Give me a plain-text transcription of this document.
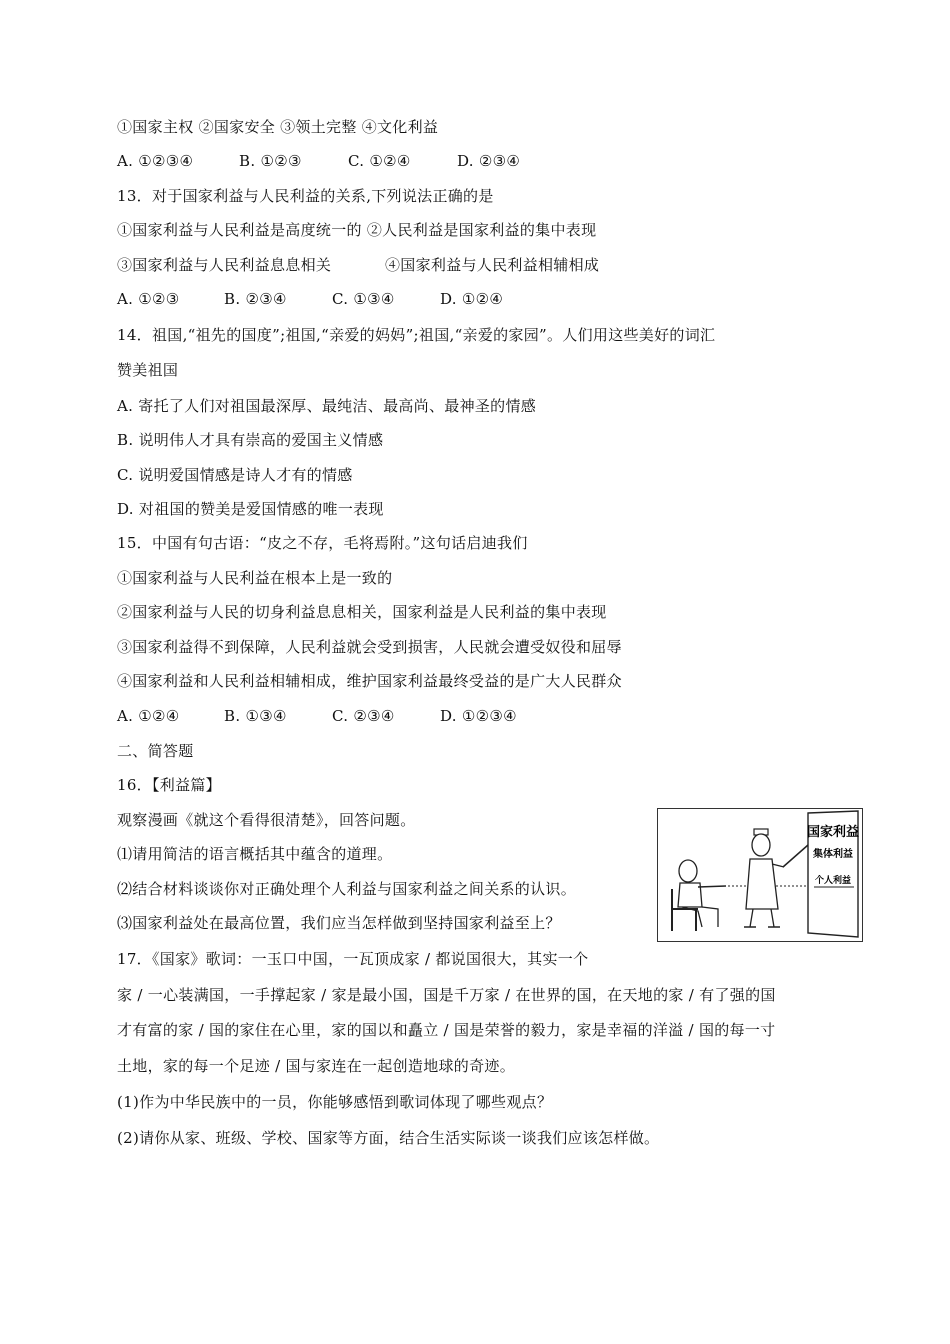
①国家主权 ②国家安全 ③领土完整 ④文化利益
A. ①②③④	B. ①②③	C. ①②④	D. ②③④
13．对于国家利益与人民利益的关系,下列说法正确的是
①国家利益与人民利益是高度统一的 ②人民利益是国家利益的集中表现
③国家利益与人民利益息息相关	④国家利益与人民利益相辅相成
A. ①②③	B. ②③④	C. ①③④	D. ①②④
14．祖国,“祖先的国度”;祖国,“亲爱的妈妈”;祖国,“亲爱的家园”。人们用这些美好的词汇
赞美祖国
A. 寄托了人们对祖国最深厚、最纯洁、最高尚、最神圣的情感
B. 说明伟人才具有崇高的爱国主义情感
C. 说明爱国情感是诗人才有的情感
D. 对祖国的赞美是爱国情感的唯一表现
15．中国有句古语：“皮之不存，毛将焉附。”这句话启迪我们
①国家利益与人民利益在根本上是一致的
②国家利益与人民的切身利益息息相关，国家利益是人民利益的集中表现
③国家利益得不到保障，人民利益就会受到损害，人民就会遭受奴役和屈辱
④国家利益和人民利益相辅相成，维护国家利益最终受益的是广大人民群众
A. ①②④	B. ①③④	C. ②③④	D. ①②③④
二、简答题
16．【利益篇】
观察漫画《就这个看得很清楚》，回答问题。
⑴请用简洁的语言概括其中蕴含的道理。
⑵结合材料谈谈你对正确处理个人利益与国家利益之间关系的认识。
⑶国家利益处在最高位置，我们应当怎样做到坚持国家利益至上？
国家利益
集体利益
个人利益
17．《国家》歌词：一玉口中国，一瓦顶成家 / 都说国很大，其实一个
家 / 一心装满国，一手撑起家 / 家是最小国，国是千万家 / 在世界的国，在天地的家 / 有了强的国
才有富的家 / 国的家住在心里，家的国以和矗立 / 国是荣誉的毅力，家是幸福的洋溢 / 国的每一寸
土地，家的每一个足迹 / 国与家连在一起创造地球的奇迹。
(1)作为中华民族中的一员，你能够感悟到歌词体现了哪些观点？
(2)请你从家、班级、学校、国家等方面，结合生活实际谈一谈我们应该怎样做。
